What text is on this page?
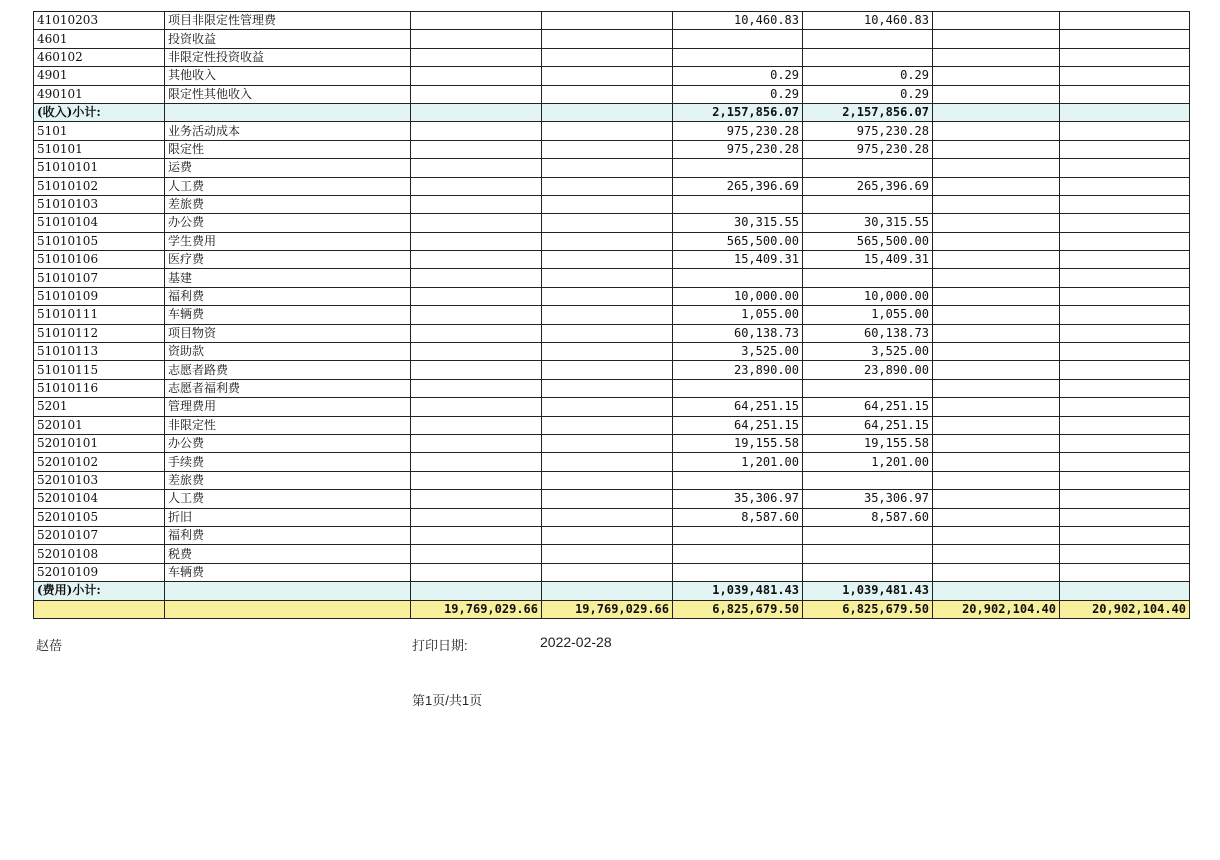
41010203	项目非限定性管理费			10,460.83	10,460.83		
4601	投资收益						
460102	非限定性投资收益						
4901	其他收入			0.29	0.29		
490101	限定性其他收入			0.29	0.29		
(收入)小计:				2,157,856.07	2,157,856.07		
5101	业务活动成本			975,230.28	975,230.28		
510101	限定性			975,230.28	975,230.28		
51010101	运费						
51010102	人工费			265,396.69	265,396.69		
51010103	差旅费						
51010104	办公费			30,315.55	30,315.55		
51010105	学生费用			565,500.00	565,500.00		
51010106	医疗费			15,409.31	15,409.31		
51010107	基建						
51010109	福利费			10,000.00	10,000.00		
51010111	车辆费			1,055.00	1,055.00		
51010112	项目物资			60,138.73	60,138.73		
51010113	资助款			3,525.00	3,525.00		
51010115	志愿者路费			23,890.00	23,890.00		
51010116	志愿者福利费						
5201	管理费用			64,251.15	64,251.15		
520101	非限定性			64,251.15	64,251.15		
52010101	办公费			19,155.58	19,155.58		
52010102	手续费			1,201.00	1,201.00		
52010103	差旅费						
52010104	人工费			35,306.97	35,306.97		
52010105	折旧			8,587.60	8,587.60		
52010107	福利费						
52010108	税费						
52010109	车辆费						
(费用)小计:				1,039,481.43	1,039,481.43		
		19,769,029.66	19,769,029.66	6,825,679.50	6,825,679.50	20,902,104.40	20,902,104.40
赵蓓	打印日期:	2022-02-28
第1页/共1页
